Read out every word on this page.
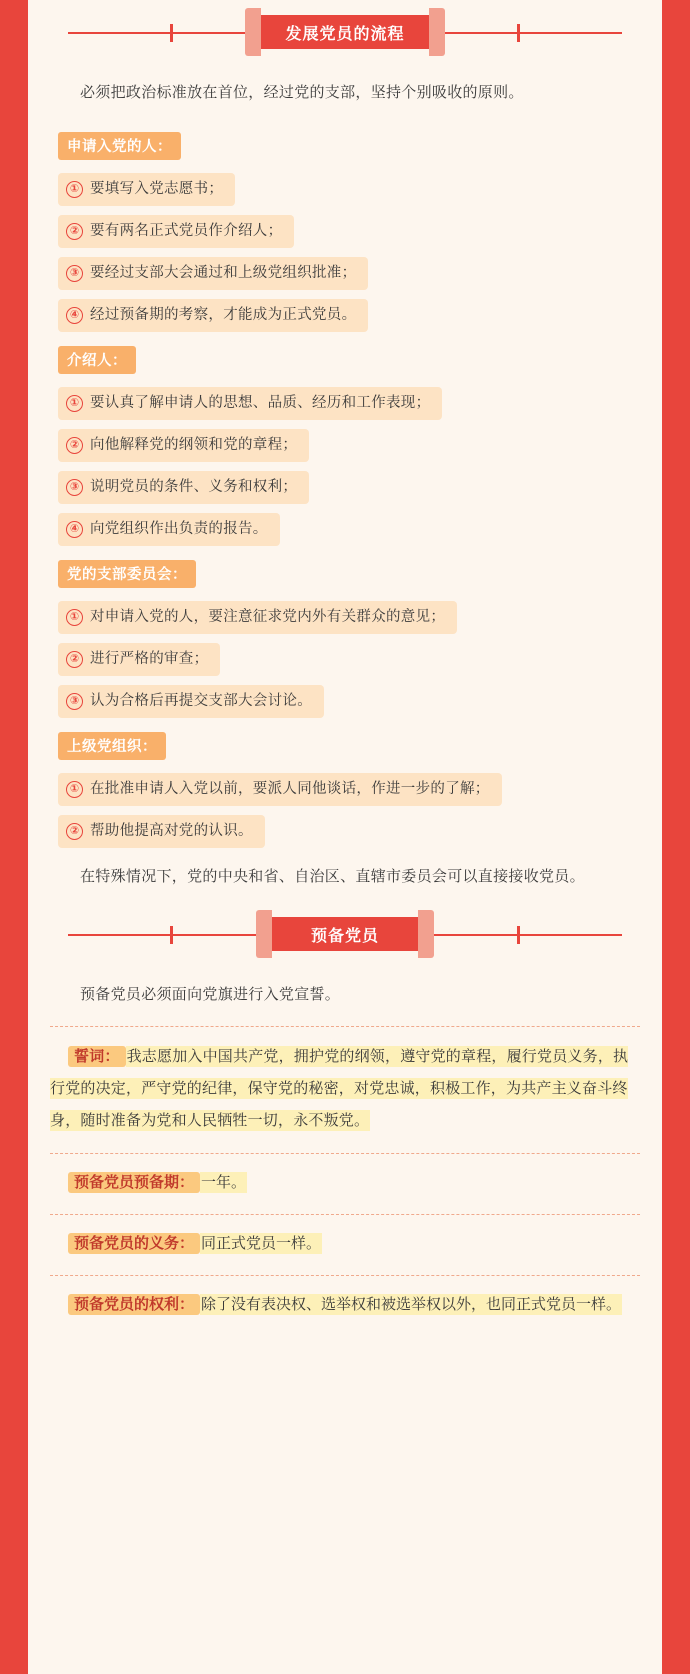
发展党员的流程

必须把政治标准放在首位，经过党的支部，坚持个别吸收的原则。

申请入党的人：
① 要填写入党志愿书；
② 要有两名正式党员作介绍人；
③ 要经过支部大会通过和上级党组织批准；
④ 经过预备期的考察，才能成为正式党员。
介绍人：
① 要认真了解申请人的思想、品质、经历和工作表现；
② 向他解释党的纲领和党的章程；
③ 说明党员的条件、义务和权利；
④ 向党组织作出负责的报告。
党的支部委员会：
① 对申请入党的人，要注意征求党内外有关群众的意见；
② 进行严格的审查；
③ 认为合格后再提交支部大会讨论。
上级党组织：
① 在批准申请人入党以前，要派人同他谈话，作进一步的了解；
② 帮助他提高对党的认识。

在特殊情况下，党的中央和省、自治区、直辖市委员会可以直接接收党员。

预备党员

预备党员必须面向党旗进行入党宣誓。

誓词： 我志愿加入中国共产党，拥护党的纲领，遵守党的章程，履行党员义务，执行党的决定，严守党的纪律，保守党的秘密，对党忠诚，积极工作，为共产主义奋斗终身，随时准备为党和人民牺牲一切，永不叛党。
预备党员预备期： 一年。
预备党员的义务： 同正式党员一样。
预备党员的权利： 除了没有表决权、选举权和被选举权以外，也同正式党员一样。
